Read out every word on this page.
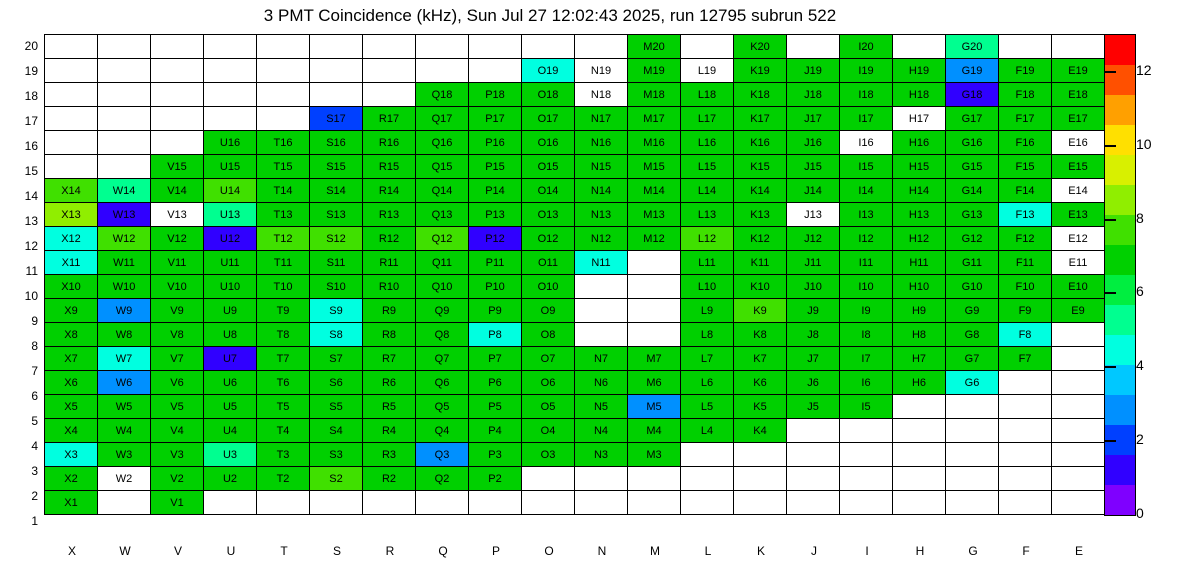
3 PMT Coincidence (kHz), Sun Jul 27 12:02:43 2025, run 12795 subrun 522
											M20		K20		I20		G20		
									O19	N19	M19	L19	K19	J19	I19	H19	G19	F19	E19
							Q18	P18	O18	N18	M18	L18	K18	J18	I18	H18	G18	F18	E18
					S17	R17	Q17	P17	O17	N17	M17	L17	K17	J17	I17	H17	G17	F17	E17
			U16	T16	S16	R16	Q16	P16	O16	N16	M16	L16	K16	J16	I16	H16	G16	F16	E16
		V15	U15	T15	S15	R15	Q15	P15	O15	N15	M15	L15	K15	J15	I15	H15	G15	F15	E15
X14	W14	V14	U14	T14	S14	R14	Q14	P14	O14	N14	M14	L14	K14	J14	I14	H14	G14	F14	E14
X13	W13	V13	U13	T13	S13	R13	Q13	P13	O13	N13	M13	L13	K13	J13	I13	H13	G13	F13	E13
X12	W12	V12	U12	T12	S12	R12	Q12	P12	O12	N12	M12	L12	K12	J12	I12	H12	G12	F12	E12
X11	W11	V11	U11	T11	S11	R11	Q11	P11	O11	N11		L11	K11	J11	I11	H11	G11	F11	E11
X10	W10	V10	U10	T10	S10	R10	Q10	P10	O10			L10	K10	J10	I10	H10	G10	F10	E10
X9	W9	V9	U9	T9	S9	R9	Q9	P9	O9			L9	K9	J9	I9	H9	G9	F9	E9
X8	W8	V8	U8	T8	S8	R8	Q8	P8	O8			L8	K8	J8	I8	H8	G8	F8	
X7	W7	V7	U7	T7	S7	R7	Q7	P7	O7	N7	M7	L7	K7	J7	I7	H7	G7	F7	
X6	W6	V6	U6	T6	S6	R6	Q6	P6	O6	N6	M6	L6	K6	J6	I6	H6	G6		
X5	W5	V5	U5	T5	S5	R5	Q5	P5	O5	N5	M5	L5	K5	J5	I5				
X4	W4	V4	U4	T4	S4	R4	Q4	P4	O4	N4	M4	L4	K4						
X3	W3	V3	U3	T3	S3	R3	Q3	P3	O3	N3	M3								
X2	W2	V2	U2	T2	S2	R2	Q2	P2											
X1		V1																	
20
19
18
17
16
15
14
13
12
11
10
9
8
7
6
5
4
3
2
1
X	W	V	U	T	S	R	Q	P	O	N	M	L	K	J	I	H	G	F	E
0
2
4
6
8
10
12
